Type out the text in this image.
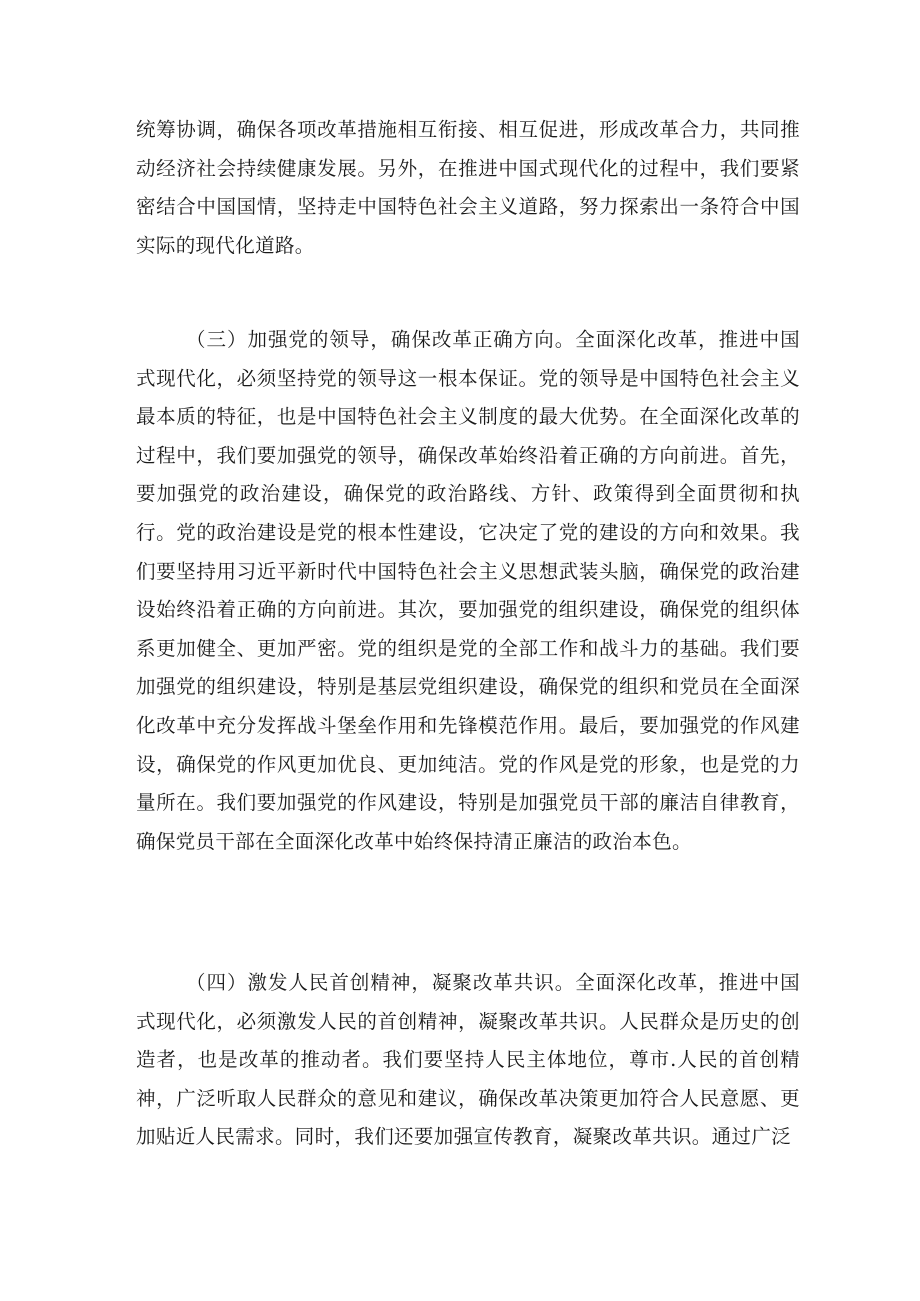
统筹协调，确保各项改革措施相互衔接、相互促进，形成改革合力，共同推动经济社会持续健康发展。另外，在推进中国式现代化的过程中，我们要紧密结合中国国情，坚持走中国特色社会主义道路，努力探索出一条符合中国实际的现代化道路。

（三）加强党的领导，确保改革正确方向。全面深化改革，推进中国式现代化，必须坚持党的领导这一根本保证。党的领导是中国特色社会主义最本质的特征，也是中国特色社会主义制度的最大优势。在全面深化改革的过程中，我们要加强党的领导，确保改革始终沿着正确的方向前进。首先，要加强党的政治建设，确保党的政治路线、方针、政策得到全面贯彻和执行。党的政治建设是党的根本性建设，它决定了党的建设的方向和效果。我们要坚持用习近平新时代中国特色社会主义思想武装头脑，确保党的政治建设始终沿着正确的方向前进。其次，要加强党的组织建设，确保党的组织体系更加健全、更加严密。党的组织是党的全部工作和战斗力的基础。我们要加强党的组织建设，特别是基层党组织建设，确保党的组织和党员在全面深化改革中充分发挥战斗堡垒作用和先锋模范作用。最后，要加强党的作风建设，确保党的作风更加优良、更加纯洁。党的作风是党的形象，也是党的力量所在。我们要加强党的作风建设，特别是加强党员干部的廉洁自律教育，确保党员干部在全面深化改革中始终保持清正廉洁的政治本色。

（四）激发人民首创精神，凝聚改革共识。全面深化改革，推进中国式现代化，必须激发人民的首创精神，凝聚改革共识。人民群众是历史的创造者，也是改革的推动者。我们要坚持人民主体地位，尊市.人民的首创精神，广泛听取人民群众的意见和建议，确保改革决策更加符合人民意愿、更加贴近人民需求。同时，我们还要加强宣传教育，凝聚改革共识。通过广泛
